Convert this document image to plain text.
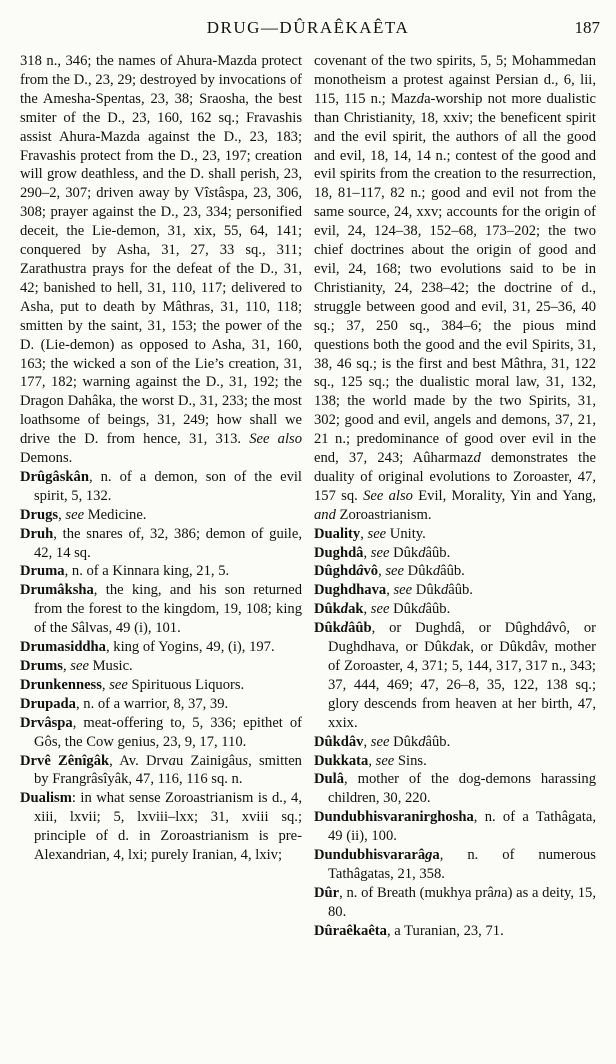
DRUG—DÛRAÊKAÊTA	187

318 n., 346; the names of Ahura-Mazda protect from the D., 23, 29; destroyed by invocations of the Amesha-Spentas, 23, 38; Sraosha, the best smiter of the D., 23, 160, 162 sq.; Fravashis assist Ahura-Mazda against the D., 23, 183; Fravashis protect from the D., 23, 197; creation will grow deathless, and the D. shall perish, 23, 290–2, 307; driven away by Vîstâspa, 23, 306, 308; prayer against the D., 23, 334; personified deceit, the Lie-demon, 31, xix, 55, 64, 141; conquered by Asha, 31, 27, 33 sq., 311; Zarathustra prays for the defeat of the D., 31, 42; banished to hell, 31, 110, 117; delivered to Asha, put to death by Mâthras, 31, 110, 118; smitten by the saint, 31, 153; the power of the D. (Lie-demon) as opposed to Asha, 31, 160, 163; the wicked a son of the Lie’s creation, 31, 177, 182; warning against the D., 31, 192; the Dragon Dahâka, the worst D., 31, 233; the most loathsome of beings, 31, 249; how shall we drive the D. from hence, 31, 313. See also Demons.

Drûgâskân, n. of a demon, son of the evil spirit, 5, 132.

Drugs, see Medicine.

Druh, the snares of, 32, 386; demon of guile, 42, 14 sq.

Druma, n. of a Kinnara king, 21, 5.

Drumâksha, the king, and his son returned from the forest to the kingdom, 19, 108; king of the Sâlvas, 49 (i), 101.

Drumasiddha, king of Yogins, 49, (i), 197.

Drums, see Music.

Drunkenness, see Spirituous Liquors.

Drupada, n. of a warrior, 8, 37, 39.

Drvâspa, meat-offering to, 5, 336; epithet of Gôs, the Cow genius, 23, 9, 17, 110.

Drvê Zênîgâk, Av. Drvau Zainigâus, smitten by Frangrâsîyâk, 47, 116, 116 sq. n.

Dualism: in what sense Zoroastrianism is d., 4, xiii, lxvii; 5, lxviii–lxx; 31, xviii sq.; principle of d. in Zoroastrianism is pre-Alexandrian, 4, lxi; purely Iranian, 4, lxiv;

covenant of the two spirits, 5, 5; Mohammedan monotheism a protest against Persian d., 6, lii, 115, 115 n.; Mazda-worship not more dualistic than Christianity, 18, xxiv; the beneficent spirit and the evil spirit, the authors of all the good and evil, 18, 14, 14 n.; contest of the good and evil spirits from the creation to the resurrection, 18, 81–117, 82 n.; good and evil not from the same source, 24, xxv; accounts for the origin of evil, 24, 124–38, 152–68, 173–202; the two chief doctrines about the origin of good and evil, 24, 168; two evolutions said to be in Christianity, 24, 238–42; the doctrine of d., struggle between good and evil, 31, 25–36, 40 sq.; 37, 250 sq., 384–6; the pious mind questions both the good and the evil Spirits, 31, 38, 46 sq.; is the first and best Mâthra, 31, 122 sq., 125 sq.; the dualistic moral law, 31, 132, 138; the world made by the two Spirits, 31, 302; good and evil, angels and demons, 37, 21, 21 n.; predominance of good over evil in the end, 37, 243; Aûharmazd demonstrates the duality of original evolutions to Zoroaster, 47, 157 sq. See also Evil, Morality, Yin and Yang, and Zoroastrianism.

Duality, see Unity.

Dughdâ, see Dûkdâûb.

Dûghdâvô, see Dûkdâûb.

Dughdhava, see Dûkdâûb.

Dûkdak, see Dûkdâûb.

Dûkdâûb, or Dughdâ, or Dûghdâvô, or Dughdhava, or Dûkdak, or Dûkdâv, mother of Zoroaster, 4, 371; 5, 144, 317, 317 n., 343; 37, 444, 469; 47, 26–8, 35, 122, 138 sq.; glory descends from heaven at her birth, 47, xxix.

Dûkdâv, see Dûkdâûb.

Dukkata, see Sins.

Dulâ, mother of the dog-demons harassing children, 30, 220.

Dundubhisvaranirghosha, n. of a Tathâgata, 49 (ii), 100.

Dundubhisvararâga, n. of numerous Tathâgatas, 21, 358.

Dûr, n. of Breath (mukhya prâna) as a deity, 15, 80.

Dûraêkaêta, a Turanian, 23, 71.
